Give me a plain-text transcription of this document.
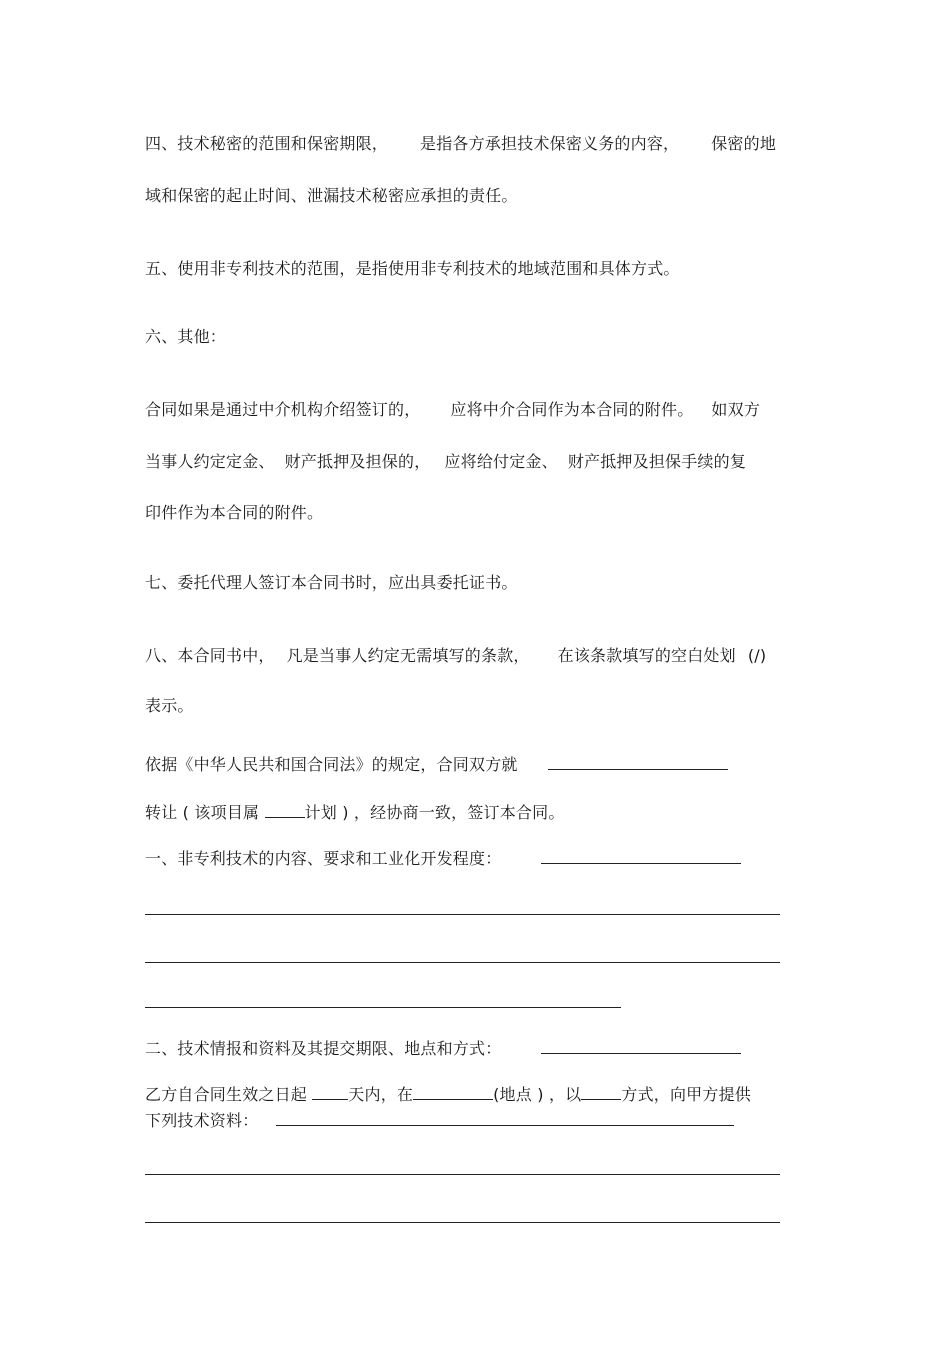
四、技术秘密的范围和保密期限， 是指各方承担技术保密义务的内容， 保密的地
域和保密的起止时间、泄漏技术秘密应承担的责任。
五、使用非专利技术的范围，是指使用非专利技术的地域范围和具体方式。
六、其他：
合同如果是通过中介机构介绍签订的， 应将中介合同作为本合同的附件。 如双方
当事人约定定金、 财产抵押及担保的， 应将给付定金、 财产抵押及担保手续的复
印件作为本合同的附件。
七、委托代理人签订本合同书时，应出具委托证书。
八、本合同书中， 凡是当事人约定无需填写的条款， 在该条款填写的空白处划 (/)
表示。
依据《中华人民共和国合同法》的规定，合同双方就
转让 ( 该项目属	计划 ) ，经协商一致，签订本合同。
一、非专利技术的内容、要求和工业化开发程度：
二、技术情报和资料及其提交期限、地点和方式：
乙方自合同生效之日起 天内，在	(地点 ) ，以	方式，向甲方提供
下列技术资料：
